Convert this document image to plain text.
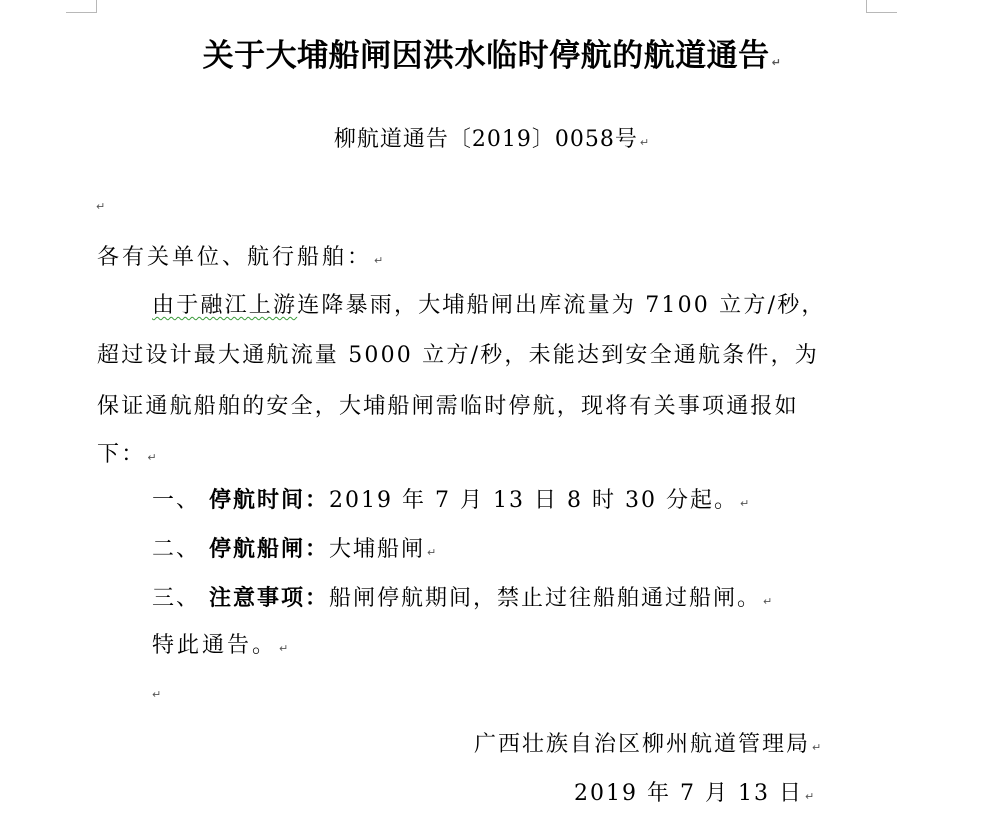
关于大埔船闸因洪水临时停航的航道通告 ↵
柳航道通告〔2019〕0058号 ↵
↵
各有关单位、航行船舶： ↵
由于融江上游连降暴雨，大埔船闸出库流量为 7100 立方/秒，
超过设计最大通航流量 5000 立方/秒，未能达到安全通航条件，为
保证通航船舶的安全，大埔船闸需临时停航，现将有关事项通报如
下： ↵
一、 停航时间：2019 年 7 月 13 日 8 时 30 分起。 ↵
二、 停航船闸：大埔船闸 ↵
三、 注意事项：船闸停航期间，禁止过往船舶通过船闸。 ↵
特此通告。 ↵
↵
广西壮族自治区柳州航道管理局 ↵
2019 年 7 月 13 日 ↵
